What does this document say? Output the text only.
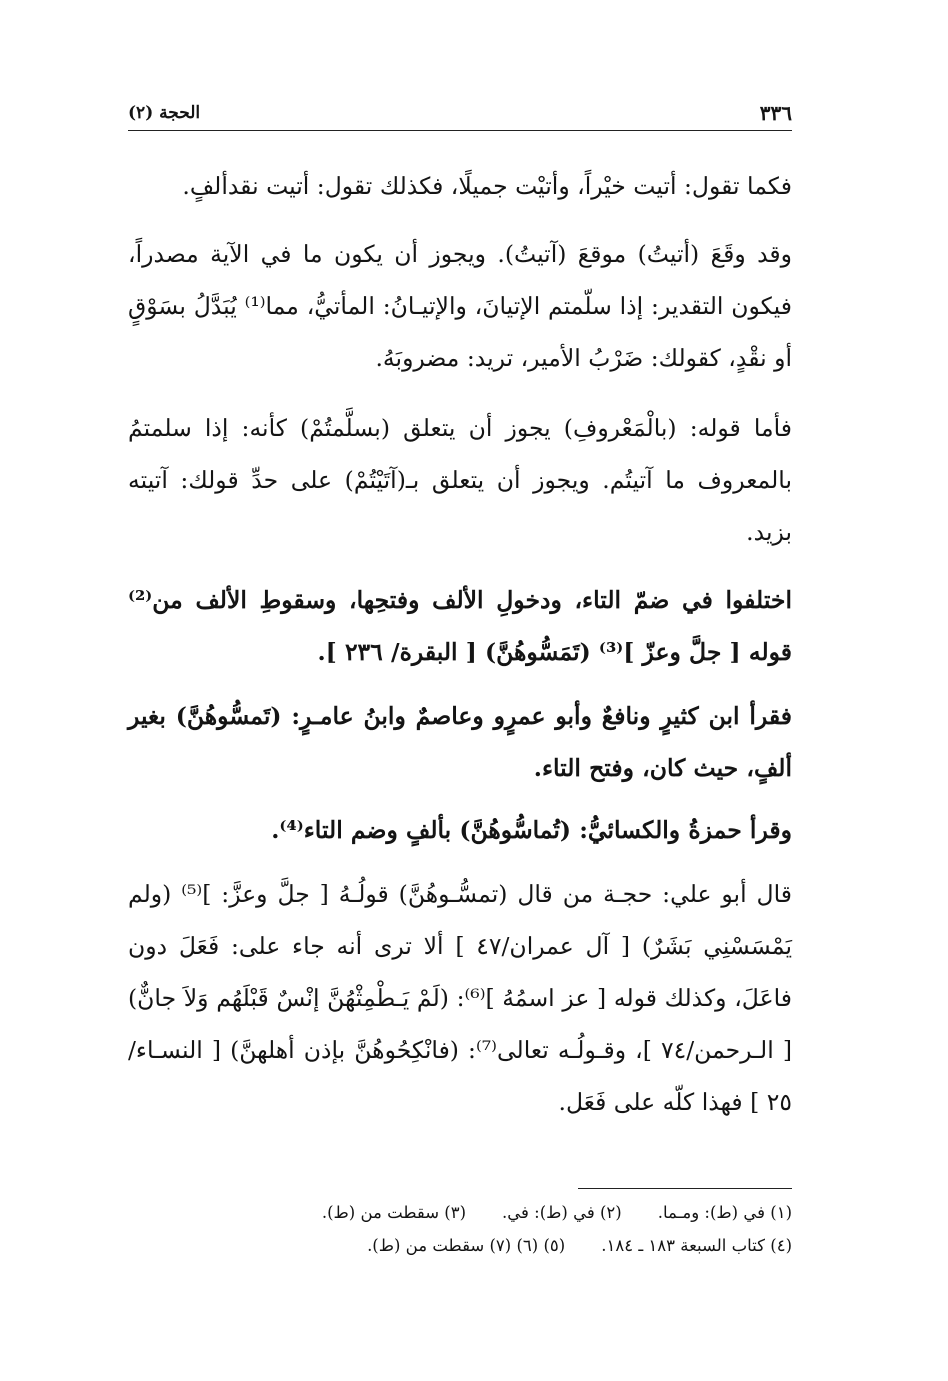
الحجة (٢)	٣٣٦

فكما تقول: أتيت خيْراً، وأتيْت جميلًا، فكذلك تقول: أتيت نقدألفٍ.

وقد وقَعَ (أتيتُ) موقعَ (آتيتُ). ويجوز أن يكون ما في الآية مصدراً، فيكون التقدير: إذا سلّمتم الإتيانَ، والإتيـانُ: المأتيُّ، مما⁽¹⁾ يُبَدَّلُ بسَوْقٍ أو نقْدٍ، كقولك: ضَرْبُ الأمير، تريد: مضروبَهُ.

فأما قوله: (بالْمَعْروفِ) يجوز أن يتعلق (بسلَّمتُمْ) كأنه: إذا سلمتمُ بالمعروف ما آتيتُم. ويجوز أن يتعلق بـ(آتَيْتُمْ) على حدِّ قولك: آتيته بزيد.

اختلفوا في ضمّ التاء، ودخولِ الألف وفتحِها، وسقوطِ الألف من⁽²⁾ قوله [ جلَّ وعزّ ]⁽³⁾ (تَمَسُّوهُنَّ) [ البقرة/ ٢٣٦ ].

فقرأ ابن كثيرٍ ونافعٌ وأبو عمرٍو وعاصمٌ وابنُ عامـرٍ: (تَمسُّوهُنَّ) بغير ألفٍ، حيث كان، وفتح التاء.

وقرأ حمزةُ والكسائيُّ: (تُماسُّوهُنَّ) بألفٍ وضم التاء⁽⁴⁾.

قال أبو علي: حجـة من قال (تمسُّـوهُنَّ) قولُـهُ [ جلَّ وعزَّ: ]⁽⁵⁾ (ولم يَمْسَسْنِي بَشَرٌ) [ آل عمران/٤٧ ] ألا ترى أنه جاء على: فَعَلَ دون فاعَلَ، وكذلك قوله [ عز اسمُهُ ]⁽⁶⁾: (لَمْ يَـطْمِثْهُنَّ إنْسٌ قَبْلَهُم وَلاَ جانٌّ) [ الـرحمن/٧٤ ]، وقـولُـه تعالى⁽⁷⁾: (فانْكِحُوهُنَّ بإذن أهلهنَّ) [ النسـاء/٢٥ ] فهذا كلّه على فَعَل.

(١) في (ط): ومـما.
(٢) في (ط): في.
(٣) سقطت من (ط).
(٤) كتاب السبعة ١٨٣ ـ ١٨٤.
(٥) (٦) (٧) سقطت من (ط).
